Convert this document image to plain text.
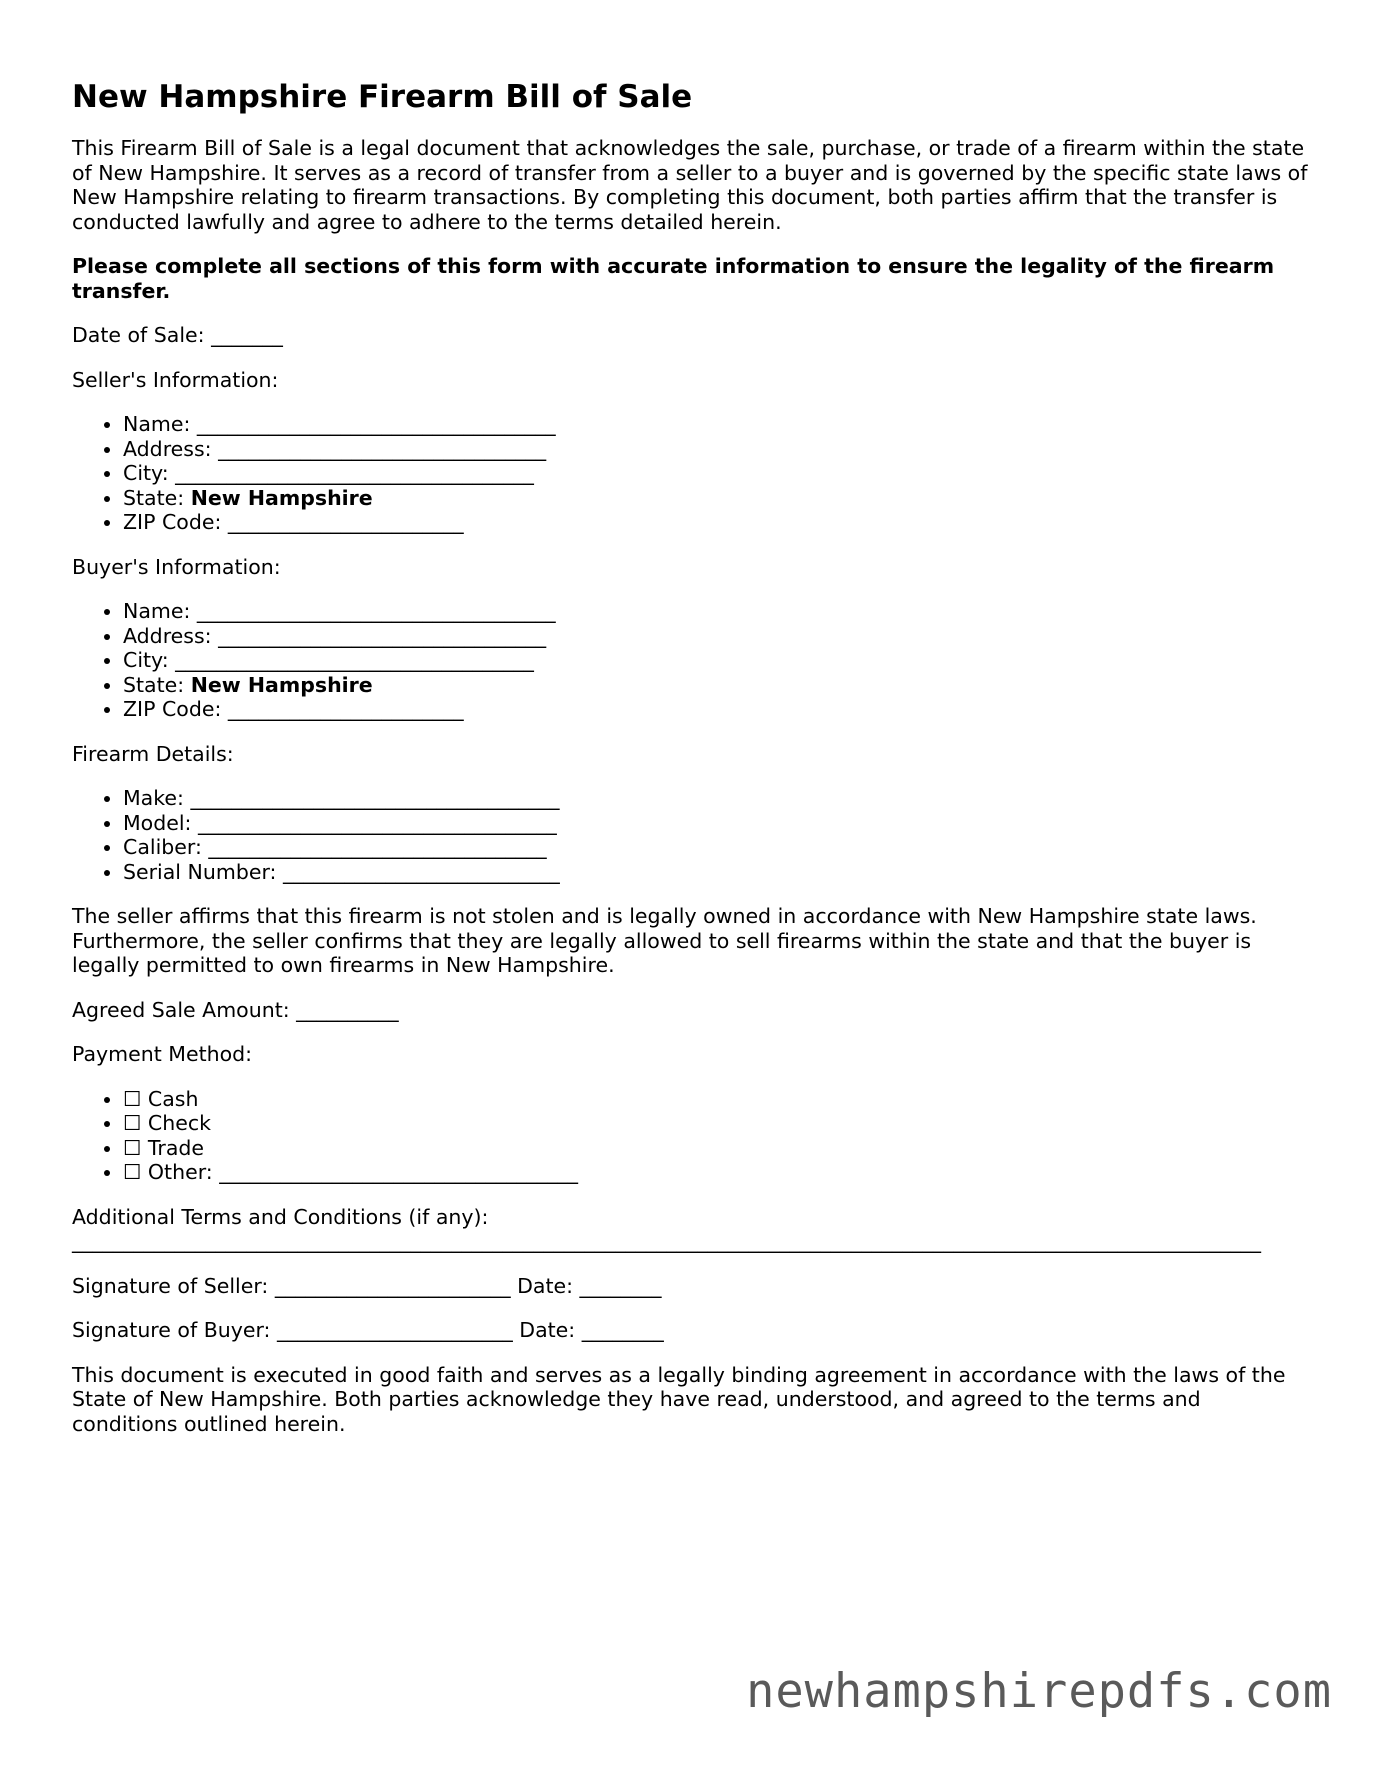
New Hampshire Firearm Bill of Sale

This Firearm Bill of Sale is a legal document that acknowledges the sale, purchase, or trade of a firearm within the state of New Hampshire. It serves as a record of transfer from a seller to a buyer and is governed by the specific state laws of New Hampshire relating to firearm transactions. By completing this document, both parties affirm that the transfer is conducted lawfully and agree to adhere to the terms detailed herein.

Please complete all sections of this form with accurate information to ensure the legality of the firearm transfer.

Date of Sale: _______

Seller's Information:

• Name: ___________________________________
• Address: ________________________________
• City: ___________________________________
• State: New Hampshire
• ZIP Code: _______________________

Buyer's Information:

• Name: ___________________________________
• Address: ________________________________
• City: ___________________________________
• State: New Hampshire
• ZIP Code: _______________________

Firearm Details:

• Make: ____________________________________
• Model: ___________________________________
• Caliber: _________________________________
• Serial Number: ___________________________

The seller affirms that this firearm is not stolen and is legally owned in accordance with New Hampshire state laws. Furthermore, the seller confirms that they are legally allowed to sell firearms within the state and that the buyer is legally permitted to own firearms in New Hampshire.

Agreed Sale Amount: __________

Payment Method:

• ☐ Cash
• ☐ Check
• ☐ Trade
• ☐ Other: ___________________________________
Additional Terms and Conditions (if any):
____________________________________________________________________________________________________________________

Signature of Seller: _______________________ Date: ________

Signature of Buyer: _______________________ Date: ________

This document is executed in good faith and serves as a legally binding agreement in accordance with the laws of the State of New Hampshire. Both parties acknowledge they have read, understood, and agreed to the terms and conditions outlined herein.

newhampshirepdfs.com
